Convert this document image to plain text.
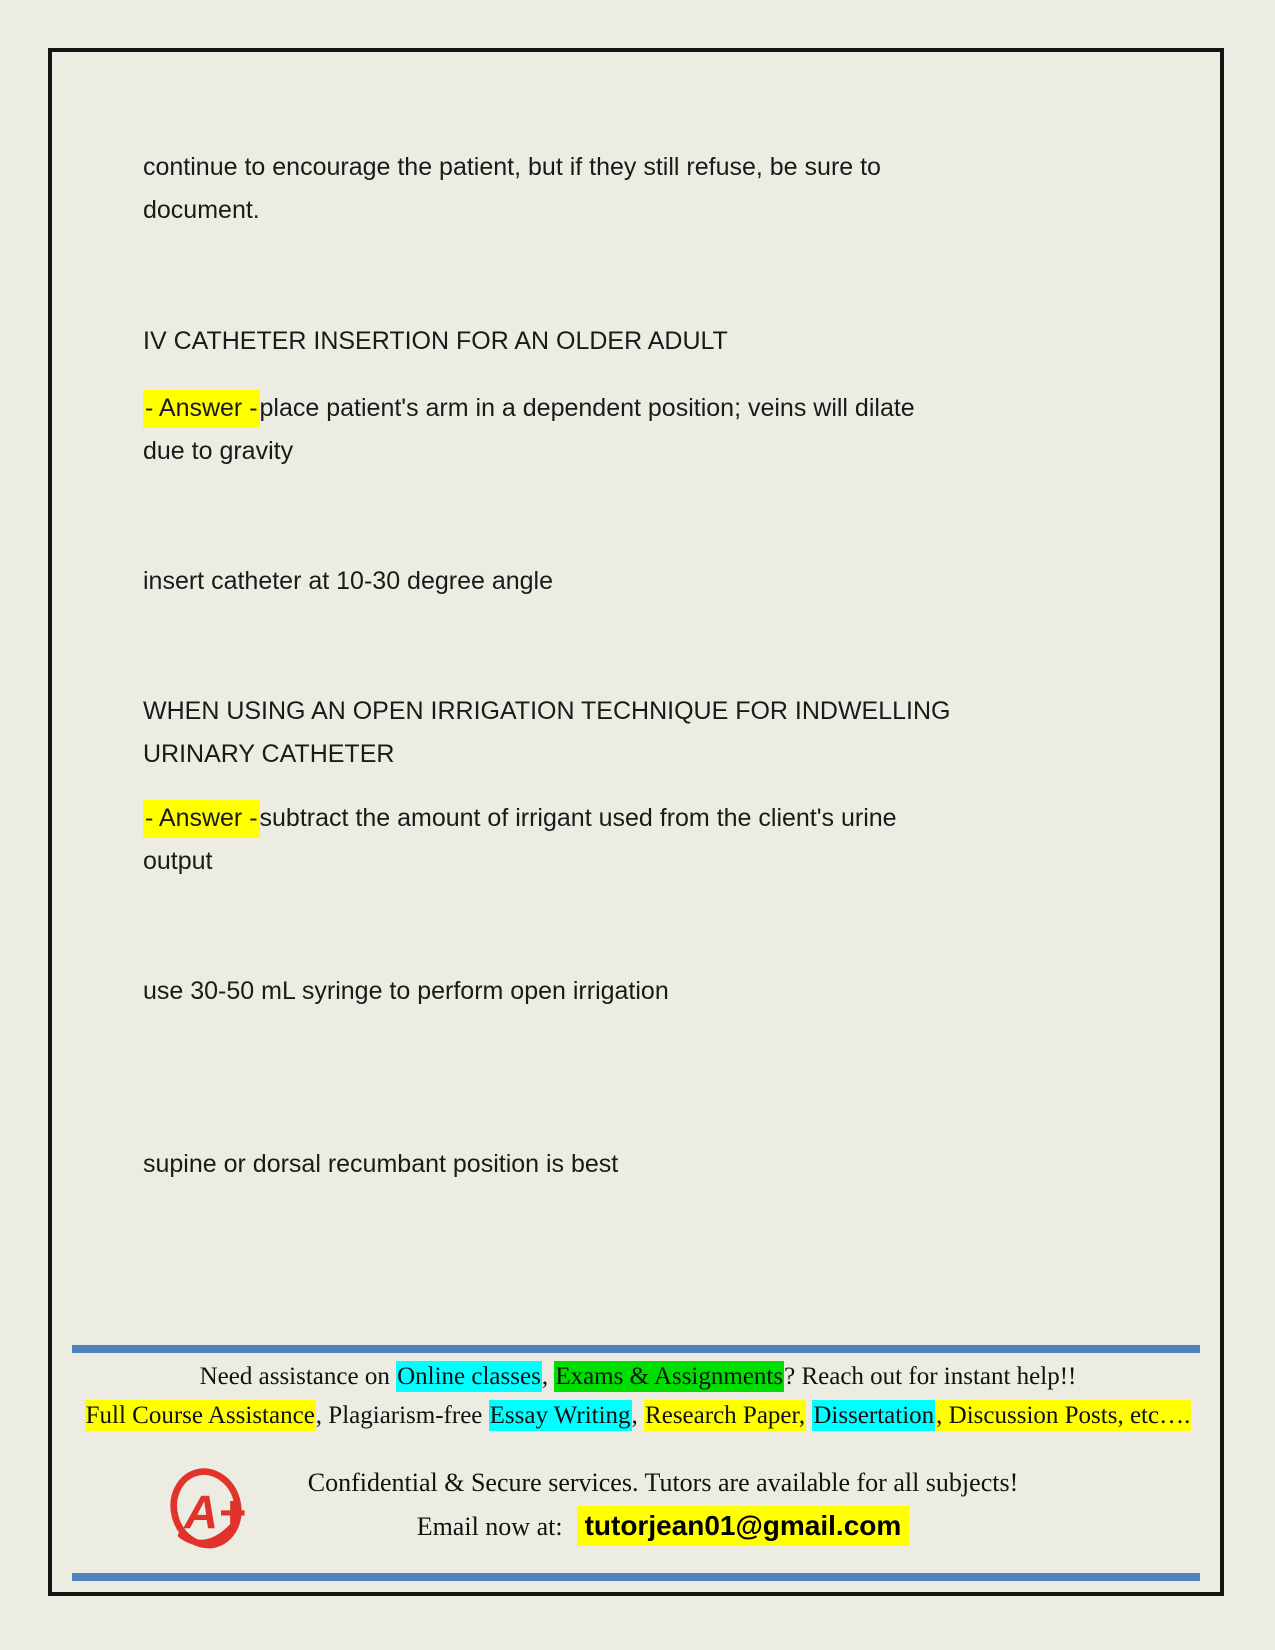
continue to encourage the patient, but if they still refuse, be sure to
document.
IV CATHETER INSERTION FOR AN OLDER ADULT
- Answer -place patient's arm in a dependent position; veins will dilate
due to gravity
insert catheter at 10-30 degree angle
WHEN USING AN OPEN IRRIGATION TECHNIQUE FOR INDWELLING
URINARY CATHETER
- Answer -subtract the amount of irrigant used from the client's urine
output
use 30-50 mL syringe to perform open irrigation
supine or dorsal recumbant position is best
Need assistance on Online classes, Exams & Assignments? Reach out for instant help!!
Full Course Assistance, Plagiarism-free Essay Writing, Research Paper, Dissertation, Discussion Posts, etc….
A+
Confidential & Secure services. Tutors are available for all subjects!
Email now at: tutorjean01@gmail.com
